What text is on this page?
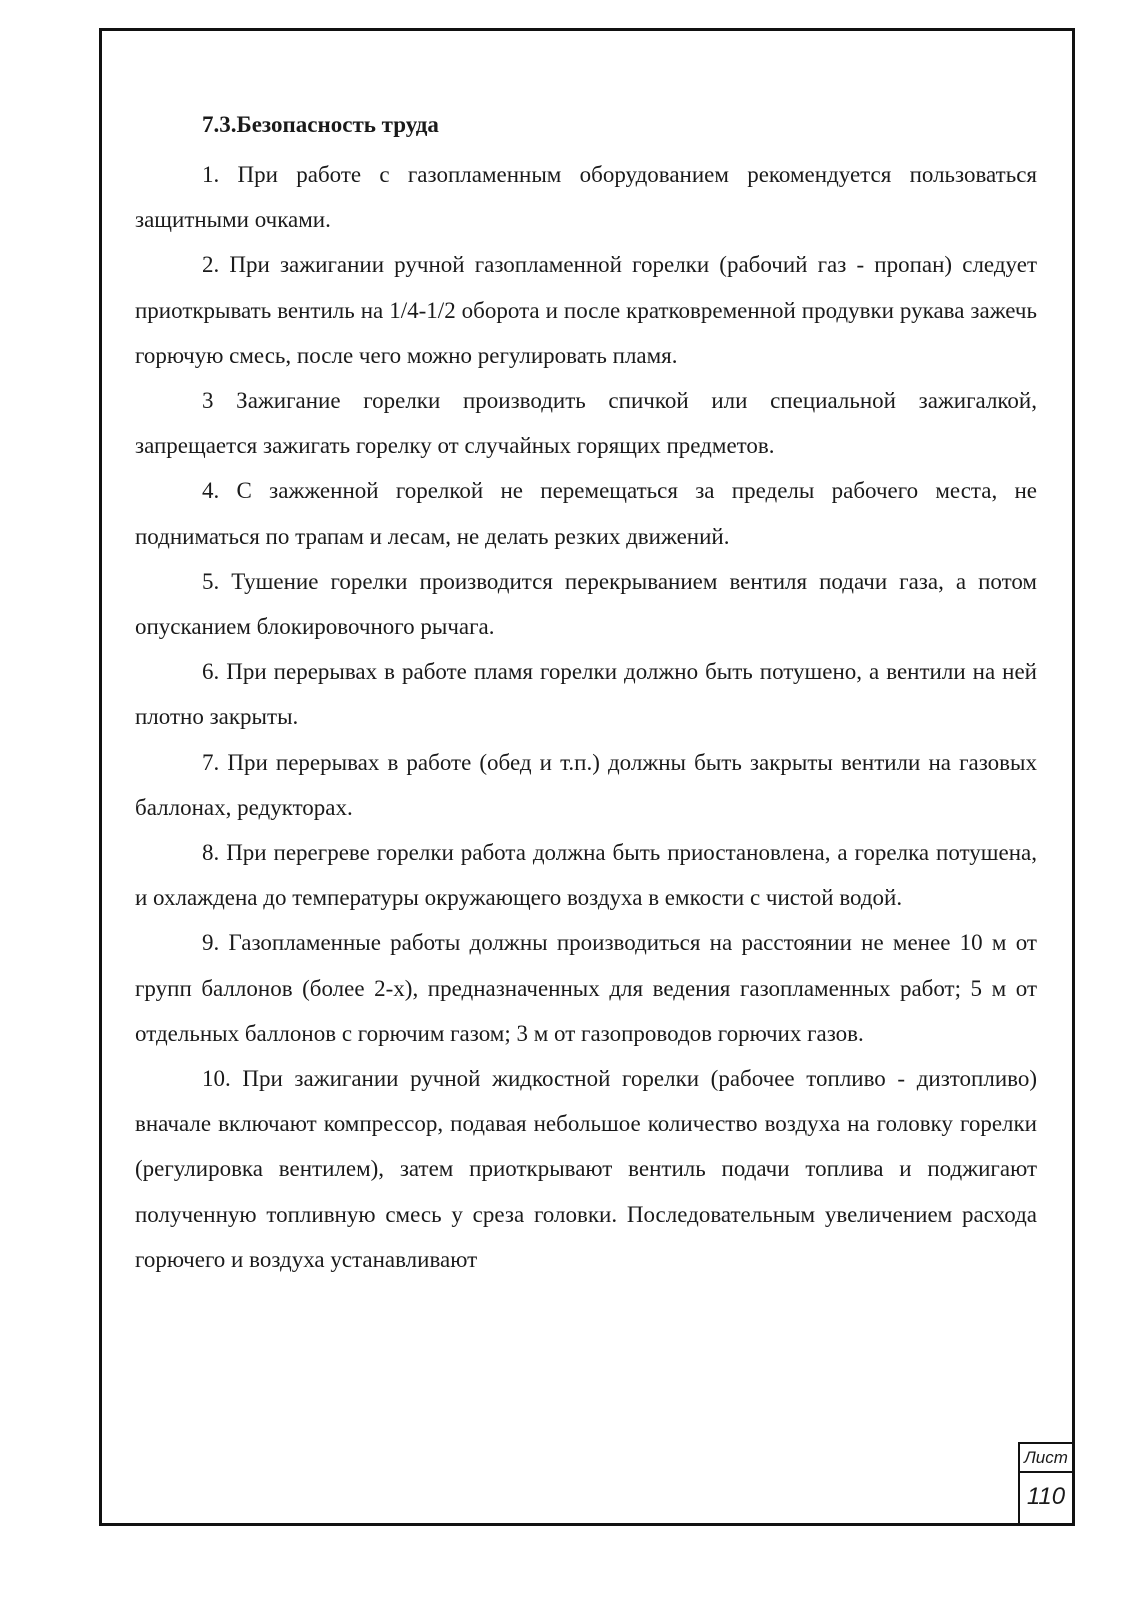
7.3.Безопасность труда

1. При работе с газопламенным оборудованием рекомендуется пользоваться защитными очками.

2. При зажигании ручной газопламенной горелки (рабочий газ - пропан) следует приоткрывать вентиль на 1/4-1/2 оборота и после кратковременной продувки рукава зажечь горючую смесь, после чего можно регулировать пламя.

3 Зажигание горелки производить спичкой или специальной зажигалкой, запрещается зажигать горелку от случайных горящих предметов.

4. С зажженной горелкой не перемещаться за пределы рабочего места, не подниматься по трапам и лесам, не делать резких движений.

5. Тушение горелки производится перекрыванием вентиля подачи газа, а потом опусканием блокировочного рычага.

6. При перерывах в работе пламя горелки должно быть потушено, а вентили на ней плотно закрыты.

7. При перерывах в работе (обед и т.п.) должны быть закрыты вентили на газовых баллонах, редукторах.

8. При перегреве горелки работа должна быть приостановлена, а горелка потушена, и охлаждена до температуры окружающего воздуха в емкости с чистой водой.

9. Газопламенные работы должны производиться на расстоянии не менее 10 м от групп баллонов (более 2-х), предназначенных для ведения газопламенных работ; 5 м от отдельных баллонов с горючим газом; 3 м от газопроводов горючих газов.

10. При зажигании ручной жидкостной горелки (рабочее топливо - дизтопливо) вначале включают компрессор, подавая небольшое количество воздуха на головку горелки (регулировка вентилем), затем приоткрывают вентиль подачи топлива и поджигают полученную топливную смесь у среза головки. Последовательным увеличением расхода горючего и воздуха устанавливают

Лист
110
